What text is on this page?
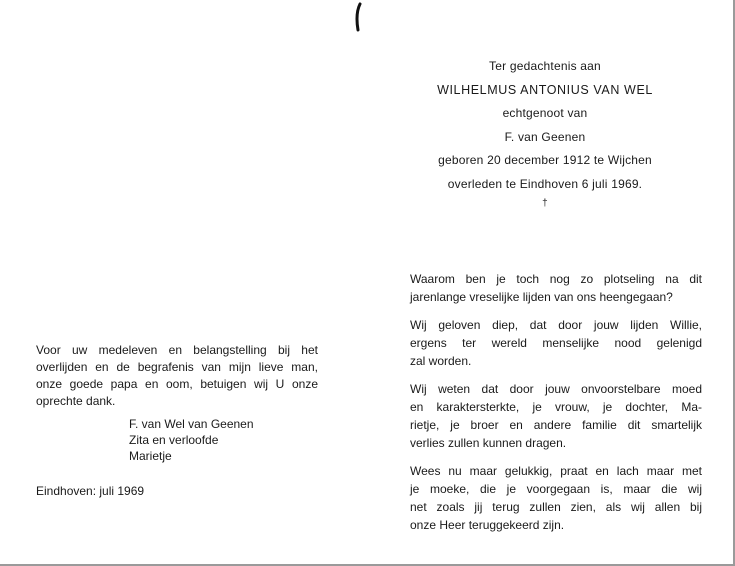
Ter gedachtenis aan
WILHELMUS ANTONIUS VAN WEL
echtgenoot van
F. van Geenen
geboren 20 december 1912 te Wijchen
overleden te Eindhoven 6 juli 1969.
†

Waarom ben je toch nog zo plotseling na dit
jarenlange vreselijke lijden van ons heengegaan?

Wij geloven diep, dat door jouw lijden Willie,
ergens ter wereld menselijke nood gelenigd
zal worden.

Wij weten dat door jouw onvoorstelbare moed
en karaktersterkte, je vrouw, je dochter, Ma-
rietje, je broer en andere familie dit smartelijk
verlies zullen kunnen dragen.

Wees nu maar gelukkig, praat en lach maar met
je moeke, die je voorgegaan is, maar die wij
net zoals jij terug zullen zien, als wij allen bij
onze Heer teruggekeerd zijn.

Voor uw medeleven en belangstelling bij het
overlijden en de begrafenis van mijn lieve man,
onze goede papa en oom, betuigen wij U onze
oprechte dank.
F. van Wel van Geenen
Zita en verloofde
Marietje
Eindhoven: juli 1969
